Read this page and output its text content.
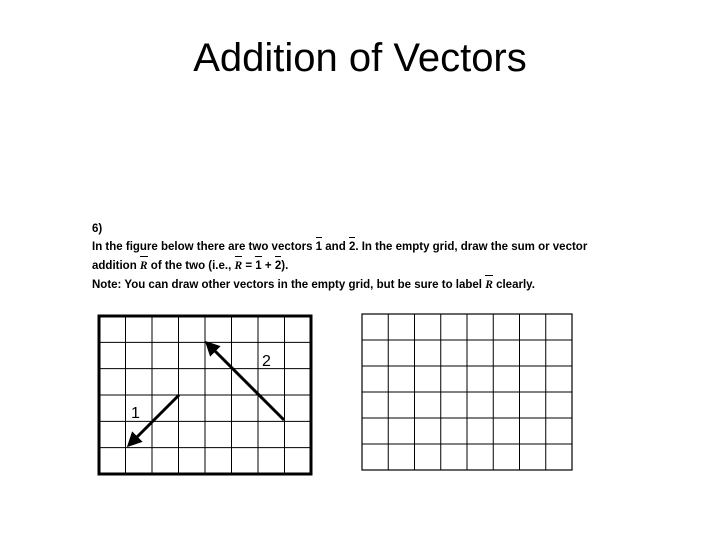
Addition of Vectors
6)
In the figure below there are two vectors 1 and 2. In the empty grid, draw the sum or vector
addition R of the two (i.e., R = 1 + 2).
Note: You can draw other vectors in the empty grid, but be sure to label R clearly.
1
2
